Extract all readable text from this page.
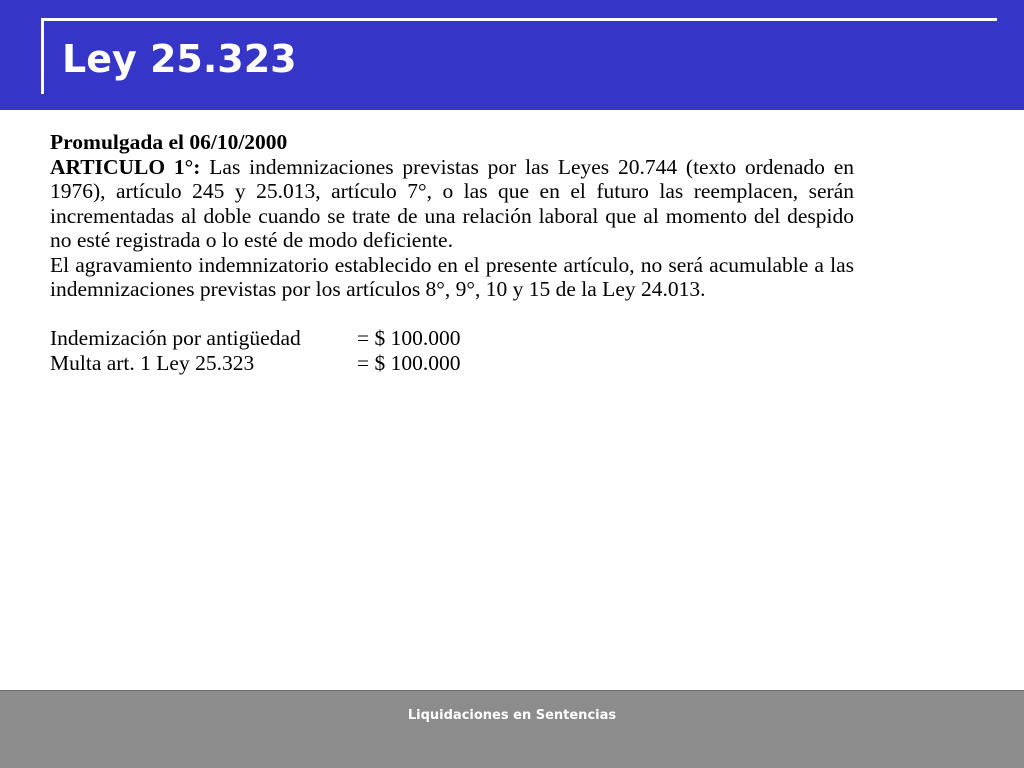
Ley 25.323

Promulgada el 06/10/2000

ARTICULO 1°: Las indemnizaciones previstas por las Leyes 20.744 (texto ordenado en 1976), artículo 245 y 25.013, artículo 7°, o las que en el futuro las reemplacen, serán incrementadas al doble cuando se trate de una relación laboral que al momento del despido no esté registrada o lo esté de modo deficiente.

El agravamiento indemnizatorio establecido en el presente artículo, no será acumulable a las indemnizaciones previstas por los artículos 8°, 9°, 10 y 15 de la Ley 24.013.

Indemización por antigüedad	= $ 100.000
Multa art. 1 Ley 25.323	= $ 100.000
Liquidaciones en Sentencias
